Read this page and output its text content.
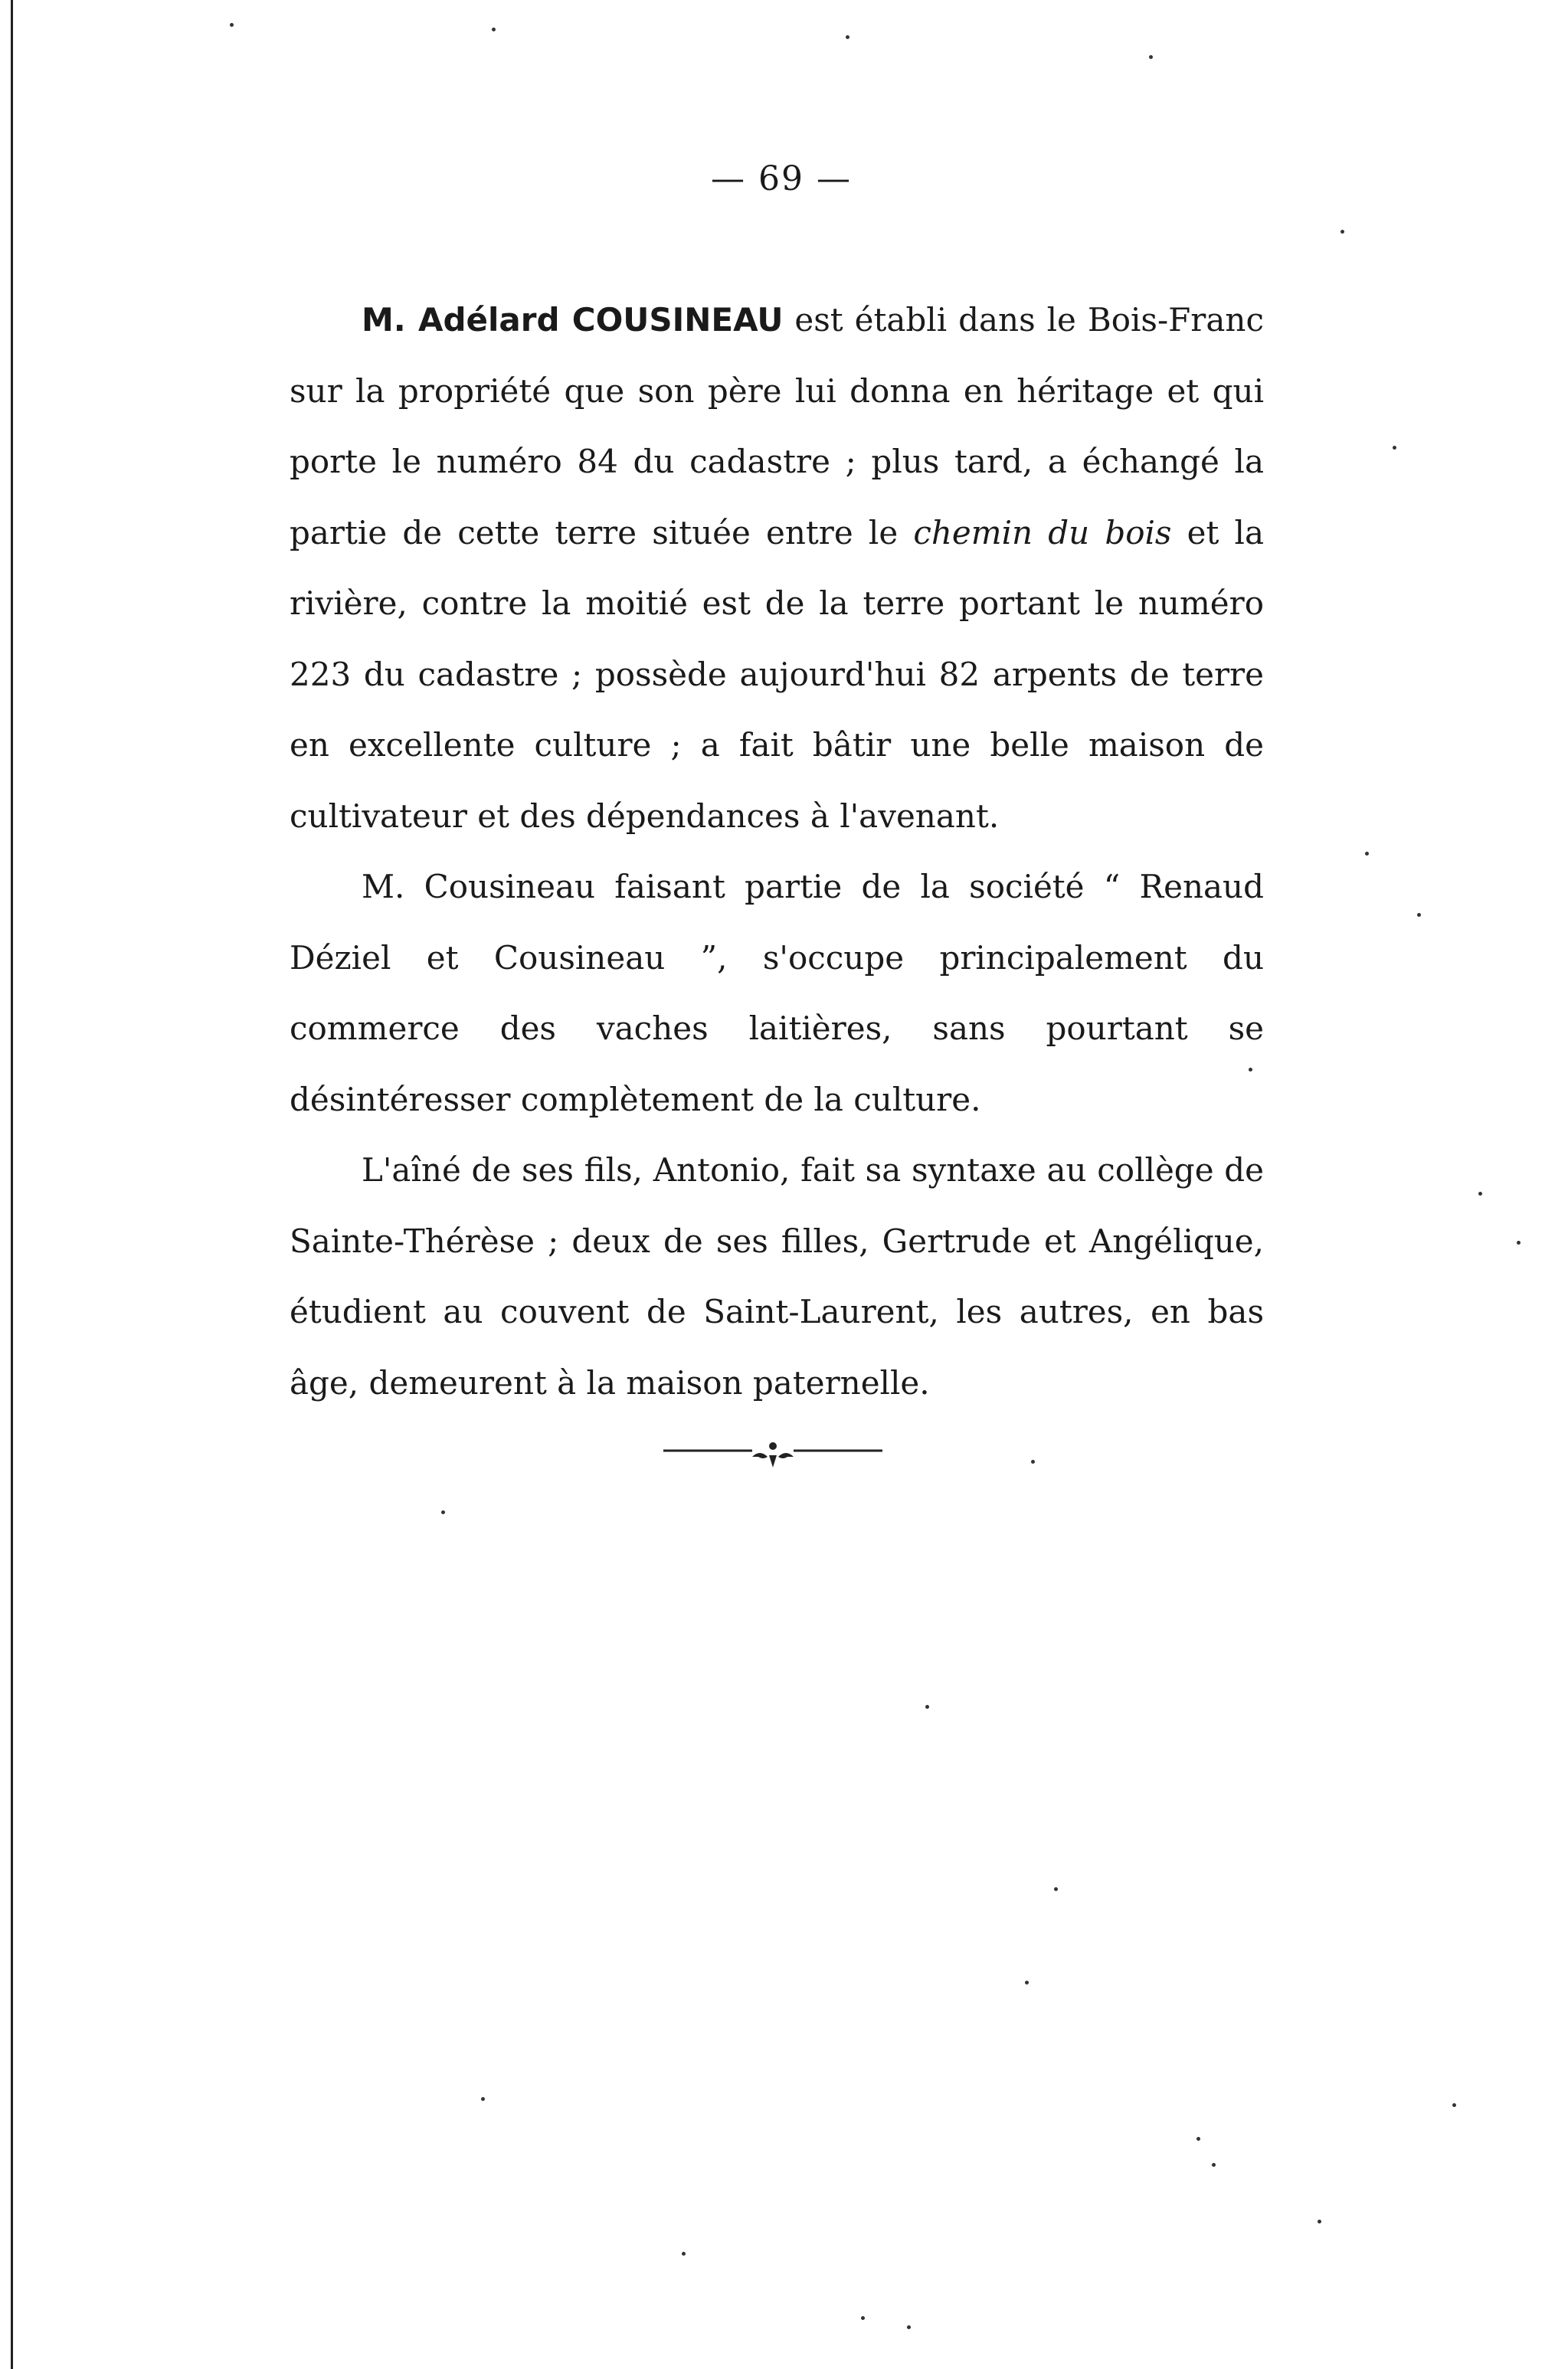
— 69 —

M. Adélard COUSINEAU est établi dans le Bois-Franc sur la propriété que son père lui donna en héritage et qui porte le numéro 84 du cadastre ; plus tard, a échangé la partie de cette terre située entre le chemin du bois et la rivière, contre la moitié est de la terre portant le numéro 223 du cadastre ; possède aujourd'hui 82 arpents de terre en excellente culture ; a fait bâtir une belle maison de cultivateur et des dépendances à l'avenant.

M. Cousineau faisant partie de la société “ Renaud Déziel et Cousineau ”, s'occupe principalement du commerce des vaches laitières, sans pourtant se désintéresser complètement de la culture.

L'aîné de ses fils, Antonio, fait sa syntaxe au collège de Sainte-Thérèse ; deux de ses filles, Gertrude et Angélique, étudient au couvent de Saint-Laurent, les autres, en bas âge, demeurent à la maison paternelle.
